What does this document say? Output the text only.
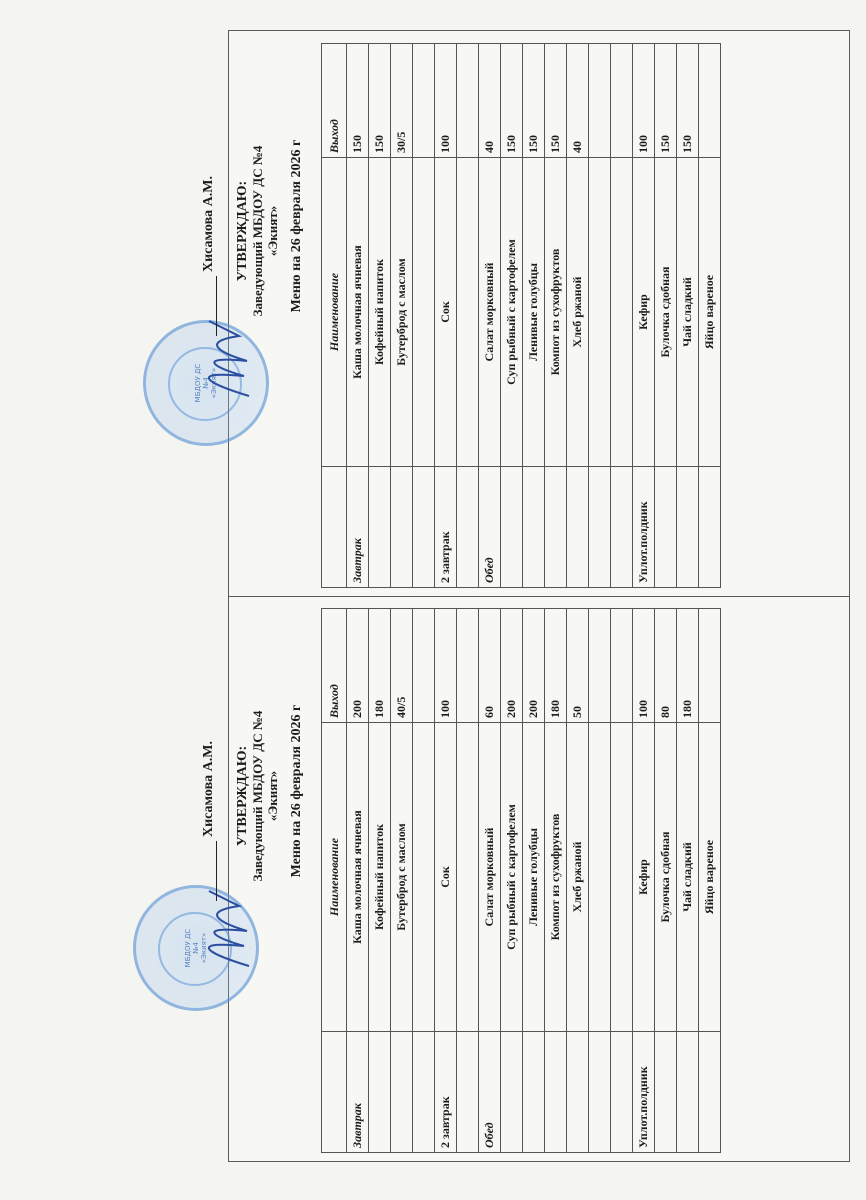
УТВЕРЖДАЮ: Заведующий МБДОУ ДС №4 «Экият»
МБДОУ ДС №4 «Экият»
Хисамова А.М.	Меню на 26 февраля 2026 г
	Наименование	Выход
Завтрак	Каша молочная ячневая	150
	Кофейный напиток	150
	Бутерброд с маслом	30/5

2 завтрак	Сок	100

Обед	Салат морковный	40
	Суп рыбный с картофелем	150
	Ленивые голубцы	150
	Компот из сухофруктов	150
	Хлеб ржаной	40

Уплот.полдник	Кефир	100
	Булочка сдобная	150
	Чай сладкий	150
	Яйцо вареное	
УТВЕРЖДАЮ: Заведующий МБДОУ ДС №4 «Экият»
МБДОУ ДС №4 «Экият»
Хисамова А.М.	Меню на 26 февраля 2026 г
	Наименование	Выход
Завтрак	Каша молочная ячневая	200
	Кофейный напиток	180
	Бутерброд с маслом	40/5

2 завтрак	Сок	100

Обед	Салат морковный	60
	Суп рыбный с картофелем	200
	Ленивые голубцы	200
	Компот из сухофруктов	180
	Хлеб ржаной	50

Уплот.полдник	Кефир	100
	Булочка сдобная	80
	Чай сладкий	180
	Яйцо вареное	
